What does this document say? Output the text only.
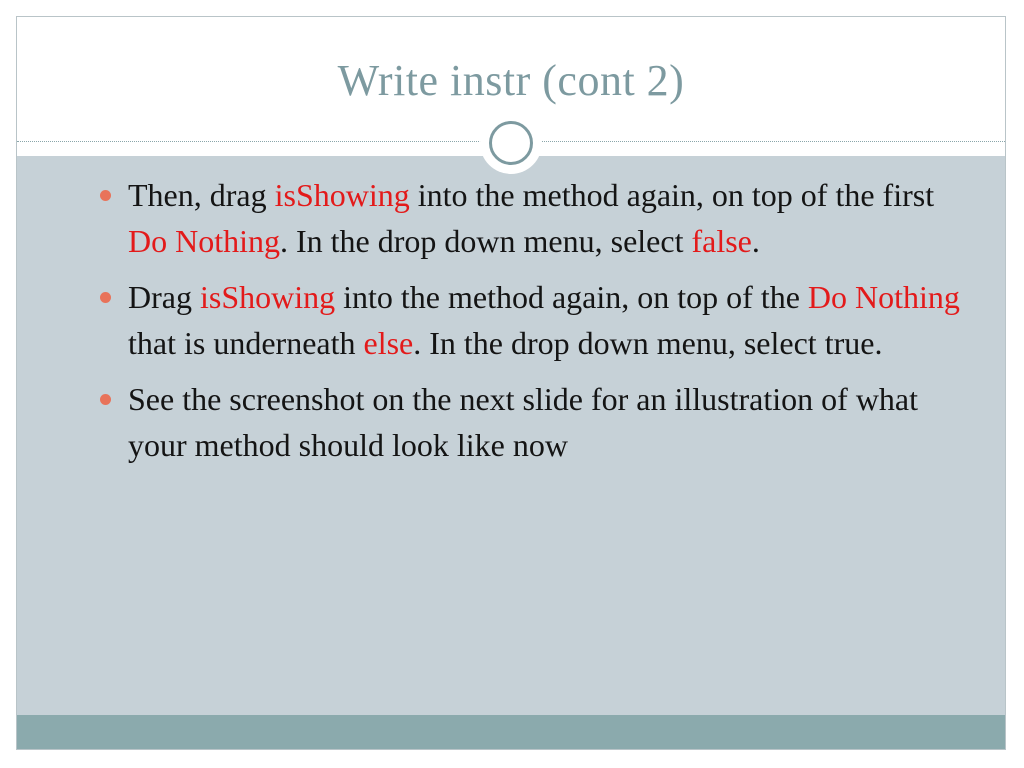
Write instr (cont 2)
Then, drag isShowing into the method again, on top of the first Do Nothing. In the drop down menu, select false.
Drag isShowing into the method again, on top of the Do Nothing that is underneath else. In the drop down menu, select true.
See the screenshot on the next slide for an illustration of what your method should look like now
